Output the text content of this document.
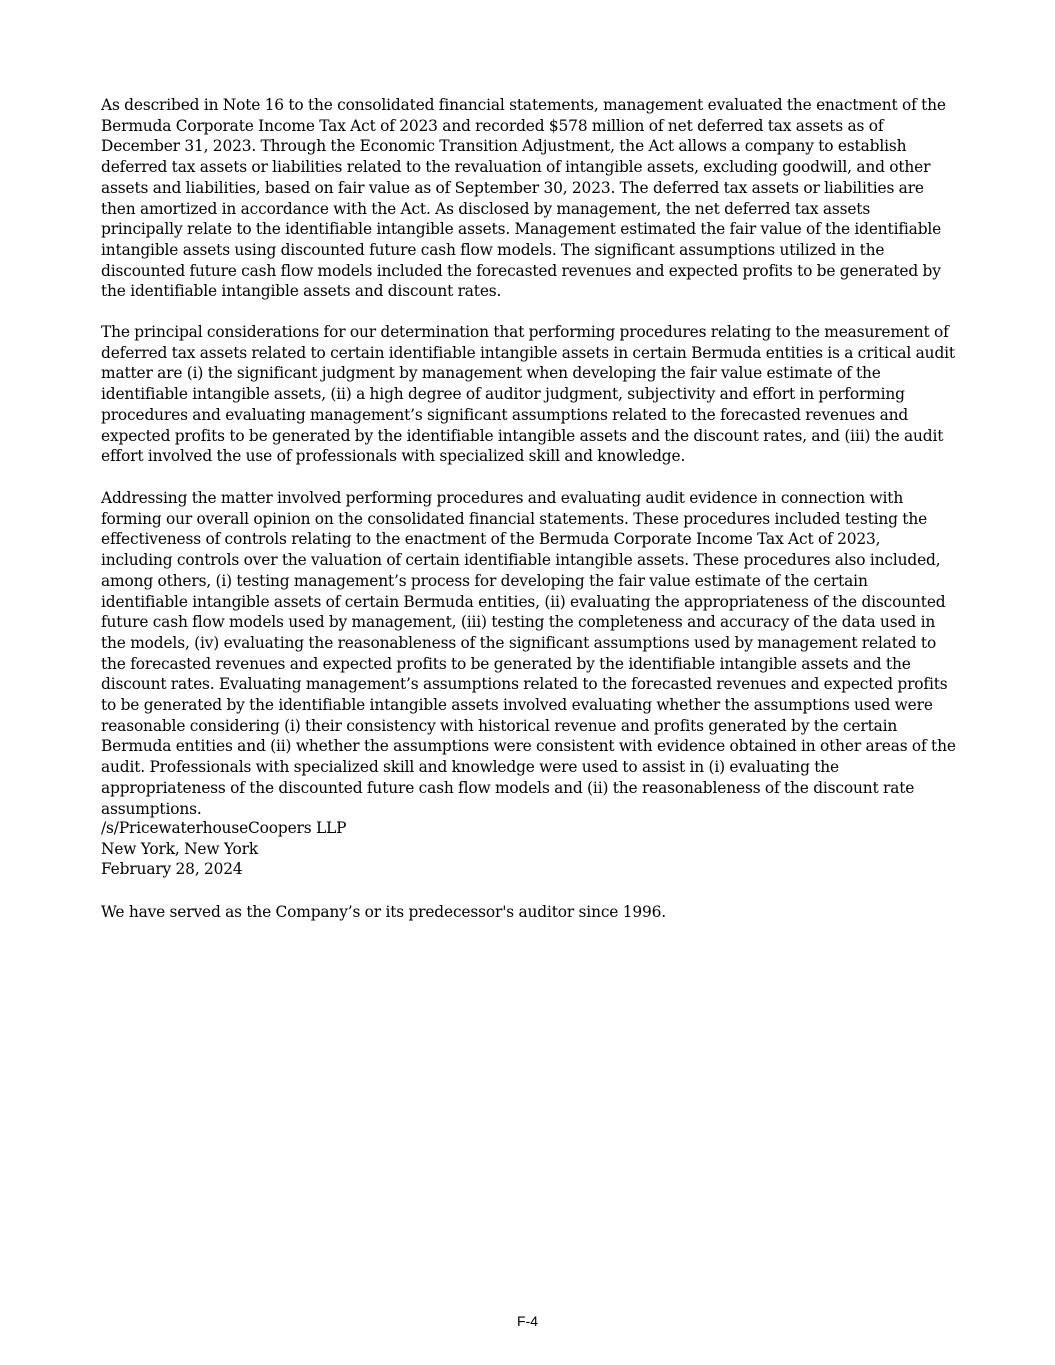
As described in Note 16 to the consolidated financial statements, management evaluated the enactment of the Bermuda Corporate Income Tax Act of 2023 and recorded $578 million of net deferred tax assets as of December 31, 2023. Through the Economic Transition Adjustment, the Act allows a company to establish deferred tax assets or liabilities related to the revaluation of intangible assets, excluding goodwill, and other assets and liabilities, based on fair value as of September 30, 2023. The deferred tax assets or liabilities are then amortized in accordance with the Act. As disclosed by management, the net deferred tax assets principally relate to the identifiable intangible assets. Management estimated the fair value of the identifiable intangible assets using discounted future cash flow models. The significant assumptions utilized in the discounted future cash flow models included the forecasted revenues and expected profits to be generated by the identifiable intangible assets and discount rates.

The principal considerations for our determination that performing procedures relating to the measurement of deferred tax assets related to certain identifiable intangible assets in certain Bermuda entities is a critical audit matter are (i) the significant judgment by management when developing the fair value estimate of the identifiable intangible assets, (ii) a high degree of auditor judgment, subjectivity and effort in performing procedures and evaluating management’s significant assumptions related to the forecasted revenues and expected profits to be generated by the identifiable intangible assets and the discount rates, and (iii) the audit effort involved the use of professionals with specialized skill and knowledge.

Addressing the matter involved performing procedures and evaluating audit evidence in connection with forming our overall opinion on the consolidated financial statements. These procedures included testing the effectiveness of controls relating to the enactment of the Bermuda Corporate Income Tax Act of 2023, including controls over the valuation of certain identifiable intangible assets. These procedures also included, among others, (i) testing management’s process for developing the fair value estimate of the certain identifiable intangible assets of certain Bermuda entities, (ii) evaluating the appropriateness of the discounted future cash flow models used by management, (iii) testing the completeness and accuracy of the data used in the models, (iv) evaluating the reasonableness of the significant assumptions used by management related to the forecasted revenues and expected profits to be generated by the identifiable intangible assets and the discount rates. Evaluating management’s assumptions related to the forecasted revenues and expected profits to be generated by the identifiable intangible assets involved evaluating whether the assumptions used were reasonable considering (i) their consistency with historical revenue and profits generated by the certain Bermuda entities and (ii) whether the assumptions were consistent with evidence obtained in other areas of the audit. Professionals with specialized skill and knowledge were used to assist in (i) evaluating the appropriateness of the discounted future cash flow models and (ii) the reasonableness of the discount rate assumptions.

/s/PricewaterhouseCoopers LLP
New York, New York
February 28, 2024

We have served as the Company’s or its predecessor's auditor since 1996.

F-4
